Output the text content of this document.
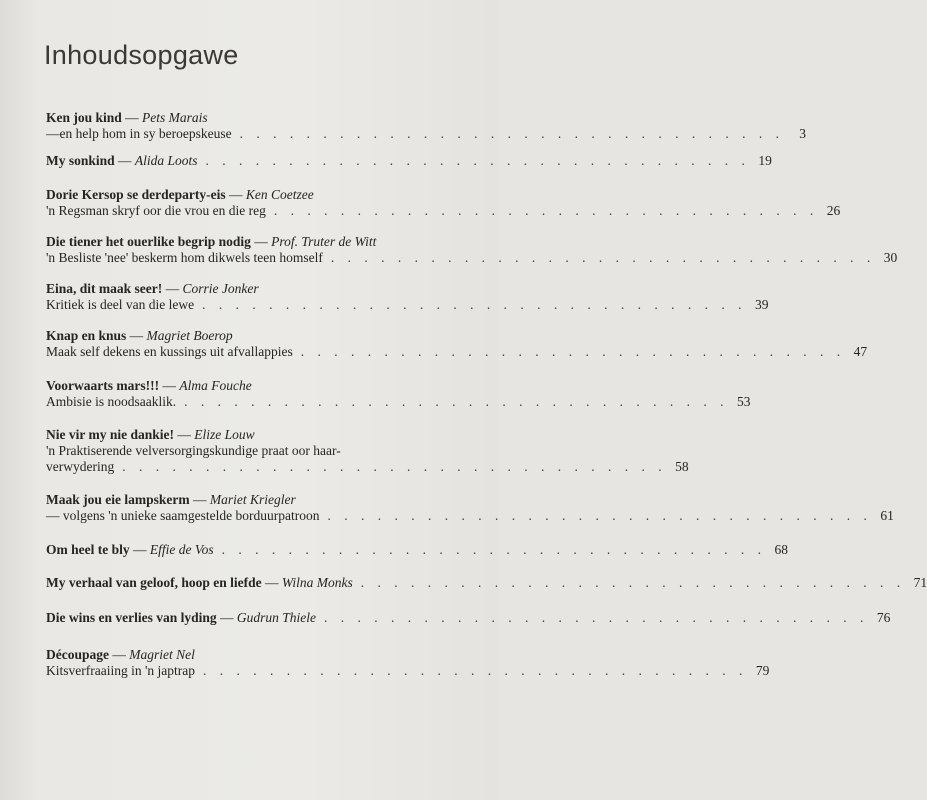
Inhoudsopgawe
Ken jou kind — Pets Marais
—en help hom in sy beroepskeuse . . . . . . . . . . . . . . . . . . . . . . . . . . . . . . . . .	3
My sonkind — Alida Loots . . . . . . . . . . . . . . . . . . . . . . . . . . . . . . . . . 19
Dorie Kersop se derdeparty-eis — Ken Coetzee
'n Regsman skryf oor die vrou en die reg . . . . . . . . . . . . . . . . . . . . . . . . . . . . . . . . . 26
Die tiener het ouerlike begrip nodig — Prof. Truter de Witt
'n Besliste 'nee' beskerm hom dikwels teen homself . . . . . . . . . . . . . . . . . . . . . . . . . . . . . . . . . 30
Eina, dit maak seer! — Corrie Jonker
Kritiek is deel van die lewe . . . . . . . . . . . . . . . . . . . . . . . . . . . . . . . . . 39
Knap en knus — Magriet Boerop
Maak self dekens en kussings uit afvallappies . . . . . . . . . . . . . . . . . . . . . . . . . . . . . . . . . 47
Voorwaarts mars!!! — Alma Fouche
Ambisie is noodsaaklik. . . . . . . . . . . . . . . . . . . . . . . . . . . . . . . . . . 53
Nie vir my nie dankie! — Elize Louw
'n Praktiserende velversorgingskundige praat oor haar-
verwydering . . . . . . . . . . . . . . . . . . . . . . . . . . . . . . . . . 58
Maak jou eie lampskerm — Mariet Kriegler
— volgens 'n unieke saamgestelde borduurpatroon . . . . . . . . . . . . . . . . . . . . . . . . . . . . . . . . . 61
Om heel te bly — Effie de Vos . . . . . . . . . . . . . . . . . . . . . . . . . . . . . . . . . 68
My verhaal van geloof, hoop en liefde — Wilna Monks . . . . . . . . . . . . . . . . . . . . . . . . . . . . . . . . . 71
Die wins en verlies van lyding — Gudrun Thiele . . . . . . . . . . . . . . . . . . . . . . . . . . . . . . . . . 76
Découpage — Magriet Nel
Kitsverfraaiing in 'n japtrap . . . . . . . . . . . . . . . . . . . . . . . . . . . . . . . . . 79
